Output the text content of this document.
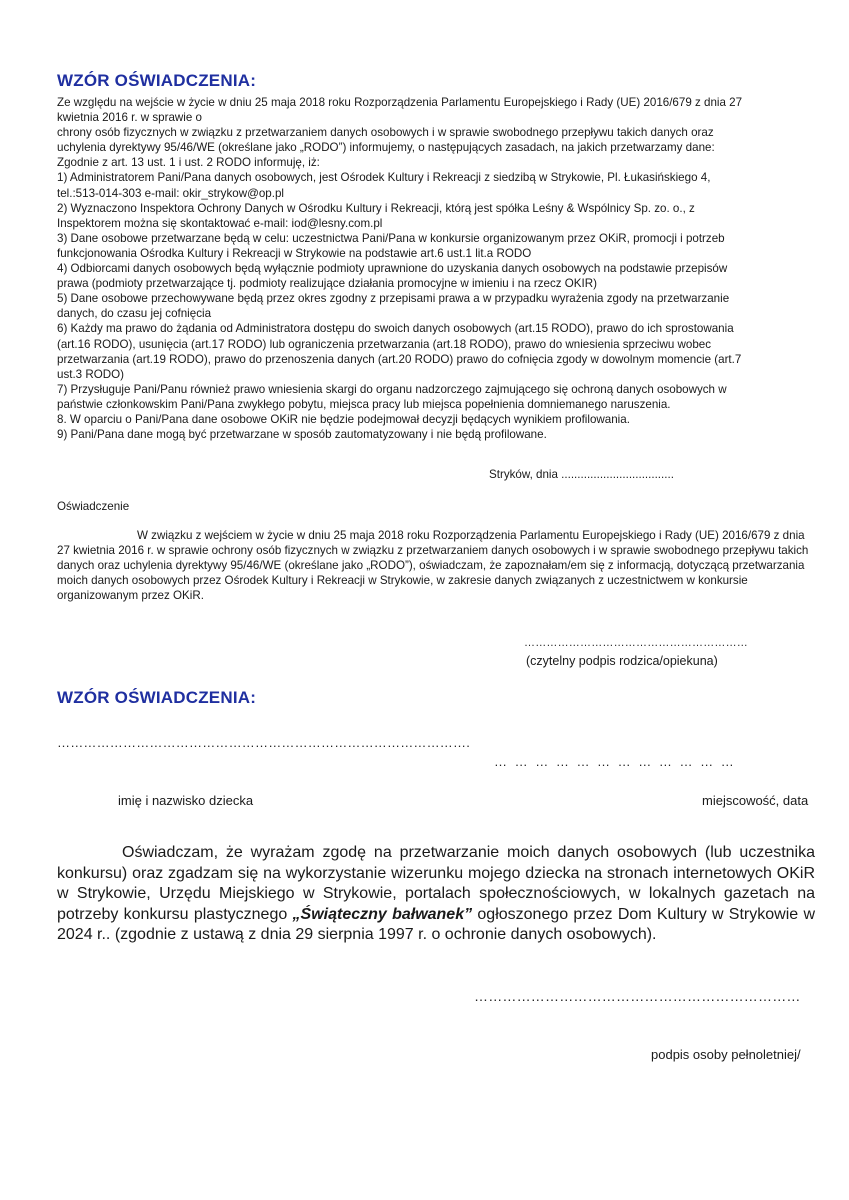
WZÓR OŚWIADCZENIA:

Ze względu na wejście w życie w dniu 25 maja 2018 roku Rozporządzenia Parlamentu Europejskiego i Rady (UE) 2016/679 z dnia 27

kwietnia 2016 r. w sprawie o

chrony osób fizycznych w związku z przetwarzaniem danych osobowych i w sprawie swobodnego przepływu takich danych oraz

uchylenia dyrektywy 95/46/WE (określane jako „RODO”) informujemy, o następujących zasadach, na jakich przetwarzamy dane:

Zgodnie z art. 13 ust. 1 i ust. 2 RODO informuję, iż:

1) Administratorem Pani/Pana danych osobowych, jest Ośrodek Kultury i Rekreacji z siedzibą w Strykowie, Pl. Łukasińskiego 4,

tel.:513-014-303 e-mail: okir_strykow@op.pl

2) Wyznaczono Inspektora Ochrony Danych w Ośrodku Kultury i Rekreacji, którą jest spółka Leśny & Wspólnicy Sp. zo. o., z

Inspektorem można się skontaktować e-mail: iod@lesny.com.pl

3) Dane osobowe przetwarzane będą w celu: uczestnictwa Pani/Pana w konkursie organizowanym przez OKiR, promocji i potrzeb

funkcjonowania Ośrodka Kultury i Rekreacji w Strykowie na podstawie art.6 ust.1 lit.a RODO

4) Odbiorcami danych osobowych będą wyłącznie podmioty uprawnione do uzyskania danych osobowych na podstawie przepisów

prawa (podmioty przetwarzające tj. podmioty realizujące działania promocyjne w imieniu i na rzecz OKIR)

5) Dane osobowe przechowywane będą przez okres zgodny z przepisami prawa a w przypadku wyrażenia zgody na przetwarzanie

danych, do czasu jej cofnięcia

6) Każdy ma prawo do żądania od Administratora dostępu do swoich danych osobowych (art.15 RODO), prawo do ich sprostowania

(art.16 RODO), usunięcia (art.17 RODO) lub ograniczenia przetwarzania (art.18 RODO), prawo do wniesienia sprzeciwu wobec

przetwarzania (art.19 RODO), prawo do przenoszenia danych (art.20 RODO) prawo do cofnięcia zgody w dowolnym momencie (art.7

ust.3 RODO)

7) Przysługuje Pani/Panu również prawo wniesienia skargi do organu nadzorczego zajmującego się ochroną danych osobowych w

państwie członkowskim Pani/Pana zwykłego pobytu, miejsca pracy lub miejsca popełnienia domniemanego naruszenia.

8. W oparciu o Pani/Pana dane osobowe OKiR nie będzie podejmował decyzji będących wynikiem profilowania.

9) Pani/Pana dane mogą być przetwarzane w sposób zautomatyzowany i nie będą profilowane.

Stryków, dnia ...................................
Oświadczenie

W związku z wejściem w życie w dniu 25 maja 2018 roku Rozporządzenia Parlamentu Europejskiego i Rady (UE) 2016/679 z dnia 27 kwietnia 2016 r. w sprawie ochrony osób fizycznych w związku z przetwarzaniem danych osobowych i w sprawie swobodnego przepływu takich danych oraz uchylenia dyrektywy 95/46/WE (określane jako „RODO”), oświadczam, że zapoznałam/em się z informacją, dotyczącą przetwarzania moich danych osobowych przez Ośrodek Kultury i Rekreacji w Strykowie, w zakresie danych związanych z uczestnictwem w konkursie organizowanym przez OKiR.

……………………………………………………
(czytelny podpis rodzica/opiekuna)
WZÓR OŚWIADCZENIA:
………………………………………………………………………………….
… … … … … … … … … … … …
imię i nazwisko dziecka	miejscowość, data

Oświadczam, że wyrażam zgodę na przetwarzanie moich danych osobowych (lub uczestnika konkursu) oraz zgadzam się na wykorzystanie wizerunku mojego dziecka na stronach internetowych OKiR w Strykowie, Urzędu Miejskiego w Strykowie, portalach społecznościowych, w lokalnych gazetach na potrzeby konkursu plastycznego „Świąteczny bałwanek” ogłoszonego przez Dom Kultury w Strykowie w 2024 r.. (zgodnie z ustawą z dnia 29 sierpnia 1997 r. o ochronie danych osobowych).

……………………………………………………………
podpis osoby pełnoletniej/
